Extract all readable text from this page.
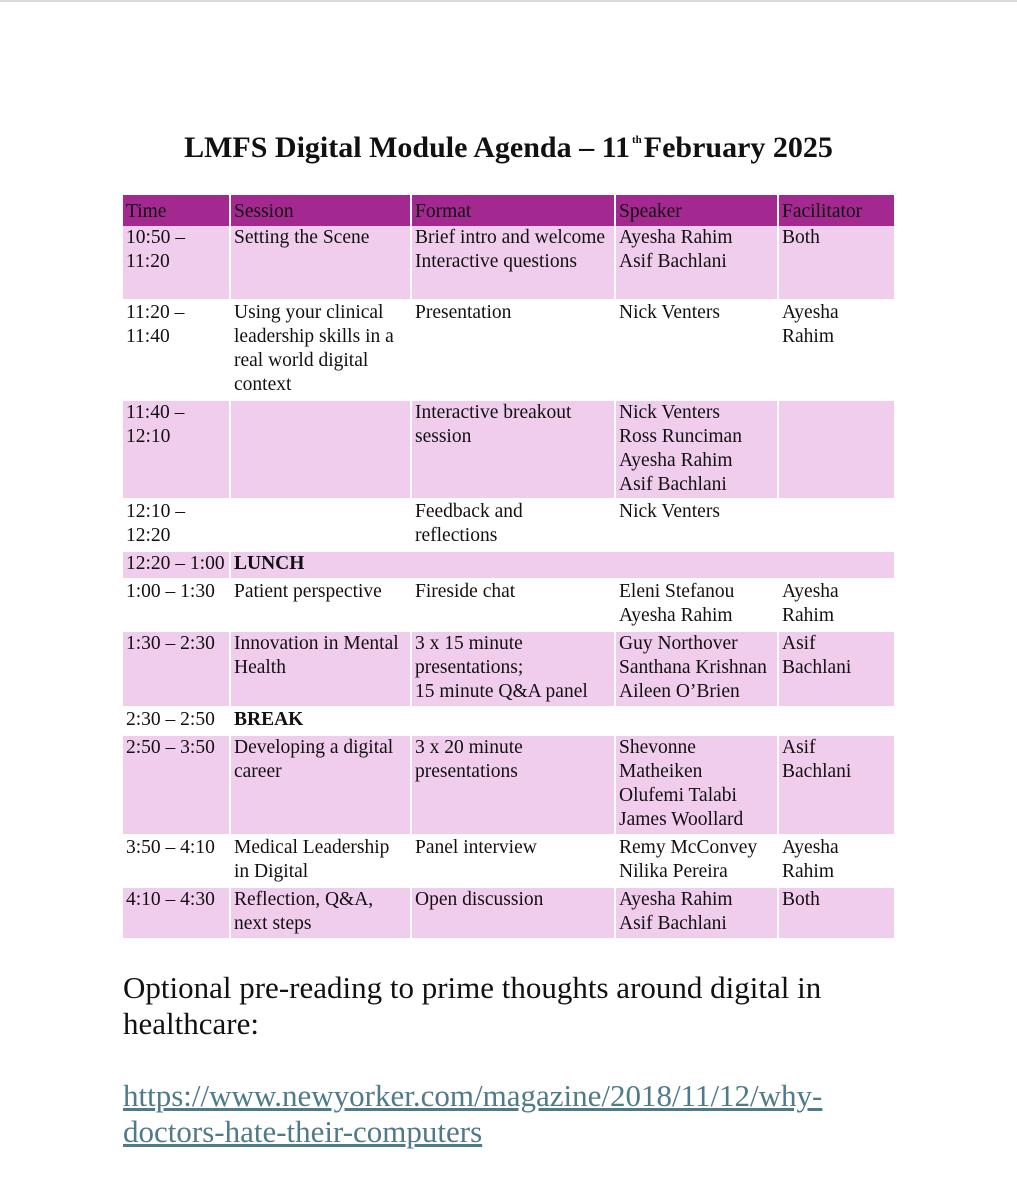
LMFS Digital Module Agenda – 11 $^{th}$February 2025
Time	Session	Format	Speaker	Facilitator

10:50 –
11:20	Setting the Scene	Brief intro and welcome
Interactive questions	Ayesha Rahim
Asif Bachlani	Both

11:20 –
11:40	Using your clinical
leadership skills in a
real world digital
context	Presentation	Nick Venters	Ayesha
Rahim

11:40 –
12:10		Interactive breakout
session	Nick Venters
Ross Runciman
Ayesha Rahim
Asif Bachlani	

12:10 –
12:20		Feedback and
reflections	Nick Venters	

12:20 – 1:00	LUNCH			

1:00 – 1:30	Patient perspective	Fireside chat	Eleni Stefanou
Ayesha Rahim	Ayesha
Rahim

1:30 – 2:30	Innovation in Mental
Health	3 x 15 minute
presentations;
15 minute Q&A panel	Guy Northover
Santhana Krishnan
Aileen O’Brien	Asif
Bachlani

2:30 – 2:50	BREAK			

2:50 – 3:50	Developing a digital
career	3 x 20 minute
presentations	Shevonne
Matheiken
Olufemi Talabi
James Woollard	Asif
Bachlani

3:50 – 4:10	Medical Leadership
in Digital	Panel interview	Remy McConvey
Nilika Pereira	Ayesha
Rahim

4:10 – 4:30	Reflection, Q&A,
next steps	Open discussion	Ayesha Rahim
Asif Bachlani	Both
Optional pre-reading to prime thoughts around digital in healthcare:
https://www.newyorker.com/magazine/2018/11/12/why-
doctors-hate-their-computers
